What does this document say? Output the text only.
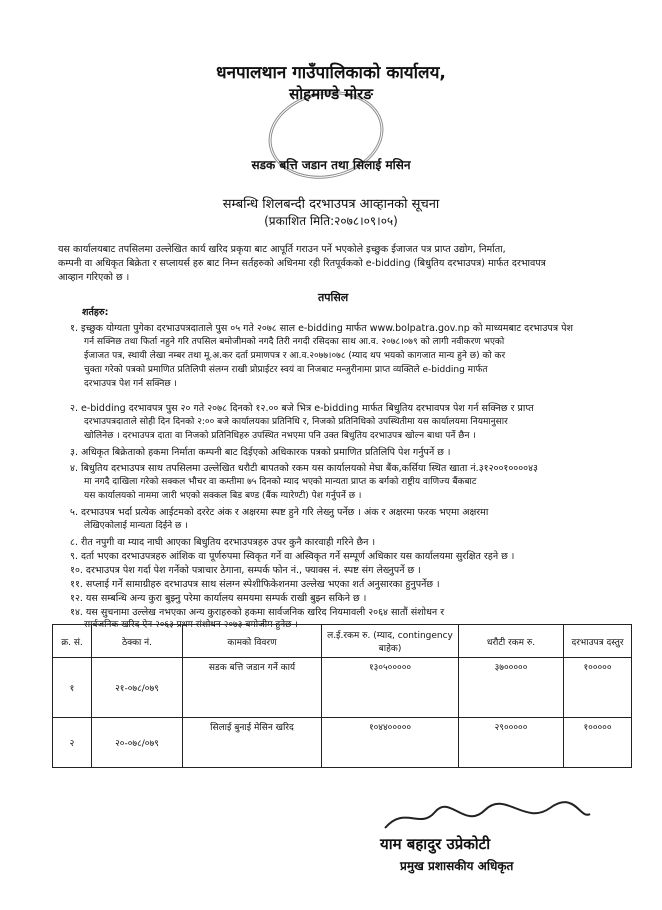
धनपालथान गाउँपालिकाको कार्यालय,
सोहमाण्डे मोरङ
सडक बत्ति जडान तथा सिलाई मसिन
सम्बन्धि शिलबन्दी दरभाउपत्र आव्हानको सूचना
(प्रकाशित मिति:२०७८।०९।०५)
यस कार्यालयबाट तपसिलमा उल्लेखित कार्य खरिद प्रकृया बाट आपूर्ति गराउन पर्ने भएकोले इच्छुक ईजाजत पत्र प्राप्त उद्योग, निर्माता,
कम्पनी वा अधिकृत बिक्रेता र सप्लायर्स हरु बाट निम्न सर्तहरुको अधिनमा रही रितपूर्वकको e-bidding (बिधुतिय दरभाउपत्र) मार्फत दरभावपत्र
आव्हान गरिएको छ ।
तपसिल
शर्तहरु:
१. इच्छुक योग्यता पुगेका दरभाउपत्रदाताले पुस ०५ गते २०७८ साल e-bidding मार्फत www.bolpatra.gov.np को माध्यमबाट दरभाउपत्र पेश
गर्न सक्निछ तथा फिर्ता नहुने गरि तपसिल बमोजीमको नगदै तिरी नगदी रसिदका साथ आ.व. २०७८।०७९ को लागी नवीकरण भएको
ईजाजत पत्र, स्थायी लेखा नम्बर तथा मू.अ.कर दर्ता प्रमाणपत्र र आ.व.२०७७।०७८ (म्याद थप भयको कागजात मान्य हुने छ) को कर
चुक्ता गरेको पत्रको प्रमाणित प्रतिलिपी संलग्न राखी प्रोप्राईटर स्वयं वा निजबाट मन्जुरीनामा प्राप्त व्यक्तिले e-bidding मार्फत
दरभाउपत्र पेश गर्न सक्निछ ।
२. e-bidding दरभावपत्र पुस २० गते २०७८ दिनको १२.०० बजे भित्र e-bidding मार्फत बिधुतिय दरभावपत्र पेश गर्न सक्निछ र प्राप्त
दरभाउपत्रदाताले सोही दिन दिनको २:०० बजे कार्यालयका प्रतिनिधि र, निजको प्रतिनिधिको उपस्थितीमा यस कार्यालयमा नियमानुसार
खोलिनेछ । दरभाउपत्र दाता वा निजको प्रतिनिधिहरु उपस्थित नभएमा पनि उक्त बिधुतिय दरभाउपत्र खोल्न बाधा पर्ने छैन ।
३. अधिकृत बिक्रेताको हकमा निर्माता कम्पनी बाट दिईएको अधिकारक पत्रको प्रमाणित प्रतिलिपि पेश गर्नुपर्ने छ ।
४. बिधुतिय दरभाउपत्र साथ तपसिलमा उल्लेखित धरौटी बापतको रकम यस कार्यालयको मेघा बैंक,कर्सिया स्थित खाता नं.३१२००१००००४३
मा नगदै दाखिला गरेको सक्कल भौचर वा कम्तीमा ७५ दिनको म्याद भएको मान्यता प्राप्त क बर्गको राष्ट्रीय वाणिज्य बैंकबाट
यस कार्यालयको नाममा जारी भएको सक्कल बिड बण्ड (बैंक ग्यारेण्टी) पेश गर्नुपर्ने छ ।
५. दरभाउपत्र भर्दा प्रत्येक आईटमको दररेट अंक र अक्षरमा स्पष्ट हुने गरि लेख्नु पर्नेछ । अंक र अक्षरमा फरक भएमा अक्षरमा
लेखिएकोलाई मान्यता दिईने छ ।
८. रीत नपुगी वा म्याद नाघी आएका बिधुतिय दरभाउपत्रहरु उपर कुनै कारवाही गरिने छैन ।
९. दर्ता भएका दरभाउपत्रहरु आंशिक वा पूर्णरुपमा स्विकृत गर्ने वा अस्विकृत गर्ने सम्पूर्ण अधिकार यस कार्यालयमा सुरक्षित रहने छ ।
१०. दरभाउपत्र पेश गर्दा पेश गर्नेको पत्राचार ठेगाना, सम्पर्क फोन नं., फ्याक्स नं. स्पष्ट संग लेख्नुपर्ने छ ।
११. सप्लाई गर्ने सामाग्रीहरु दरभाउपत्र साथ संलग्न स्पेशीफिकेशनमा उल्लेख भएका शर्त अनुसारका हुनुपर्नेछ ।
१२. यस सम्बन्धि अन्य कुरा बुझ्नु परेमा कार्यालय समयमा सम्पर्क राखी बुझ्न सकिने छ ।
१४. यस सुचनामा उल्लेख नभएका अन्य कुराहरुको हकमा सार्वजनिक खरिद नियमावली २०६४ सातौं संशोधन र
सार्वजनिक खरिद ऐन २०६३ प्रथम संशोधन २०७३ बमोजीम हुनेछ ।
क्र. सं.	ठेक्का नं.	कामको विवरण	ल.ई.रकम रु. (म्याद, contingency बाहेक)	धरौटी रकम रु.	दरभाउपत्र दस्तुर
१	२१-०७८/०७९	सडक बत्ति जडान गर्ने कार्य	१३०५०००००	३७०००००	१०००००
२	२०-०७८/०७९	सिलाई बुनाई मेसिन खरिद	१०४४०००००	२९०००००	१०००००
याम बहादुर उप्रेकोटी
प्रमुख प्रशासकीय अधिकृत
